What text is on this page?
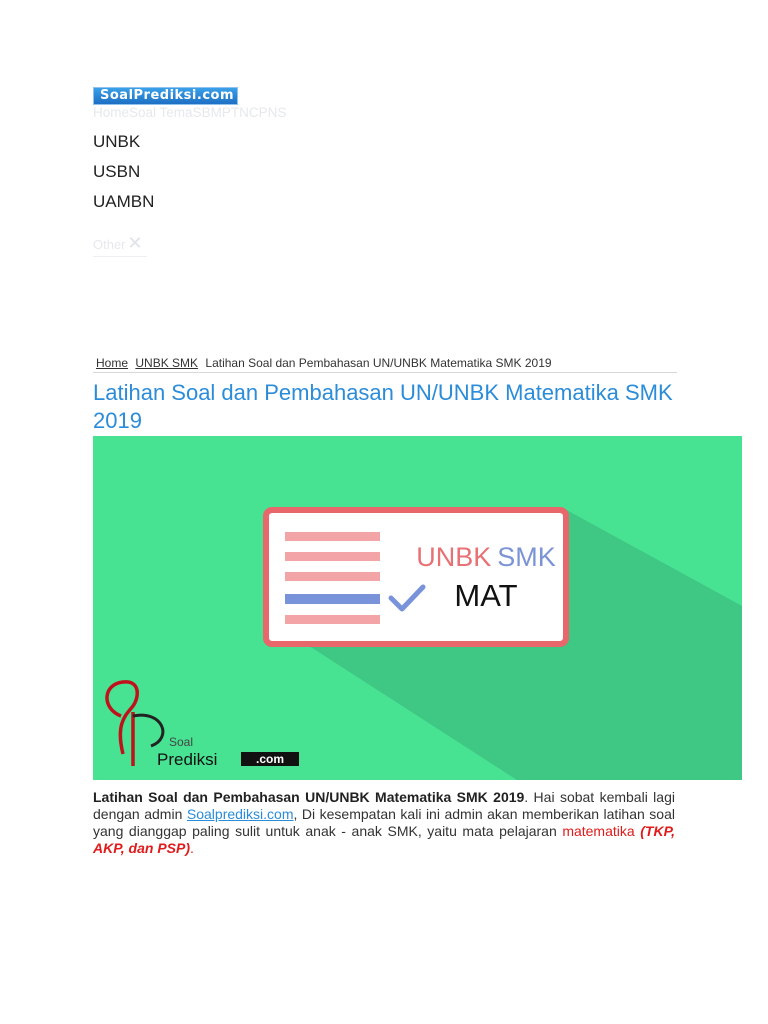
SoalPrediksi.com
HomeSoal TemaSBMPTNCPNS
UNBK
USBN
UAMBN
Other ✕
Home UNBK SMK Latihan Soal dan Pembahasan UN/UNBK Matematika SMK 2019
Latihan Soal dan Pembahasan UN/UNBK Matematika SMK 2019
UNBK SMK
MAT
Soal
Prediksi	.com

Latihan Soal dan Pembahasan UN/UNBK Matematika SMK 2019. Hai sobat kembali lagi dengan admin Soalprediksi.com, Di kesempatan kali ini admin akan memberikan latihan soal yang dianggap paling sulit untuk anak - anak SMK, yaitu mata pelajaran matematika (TKP, AKP, dan PSP).
